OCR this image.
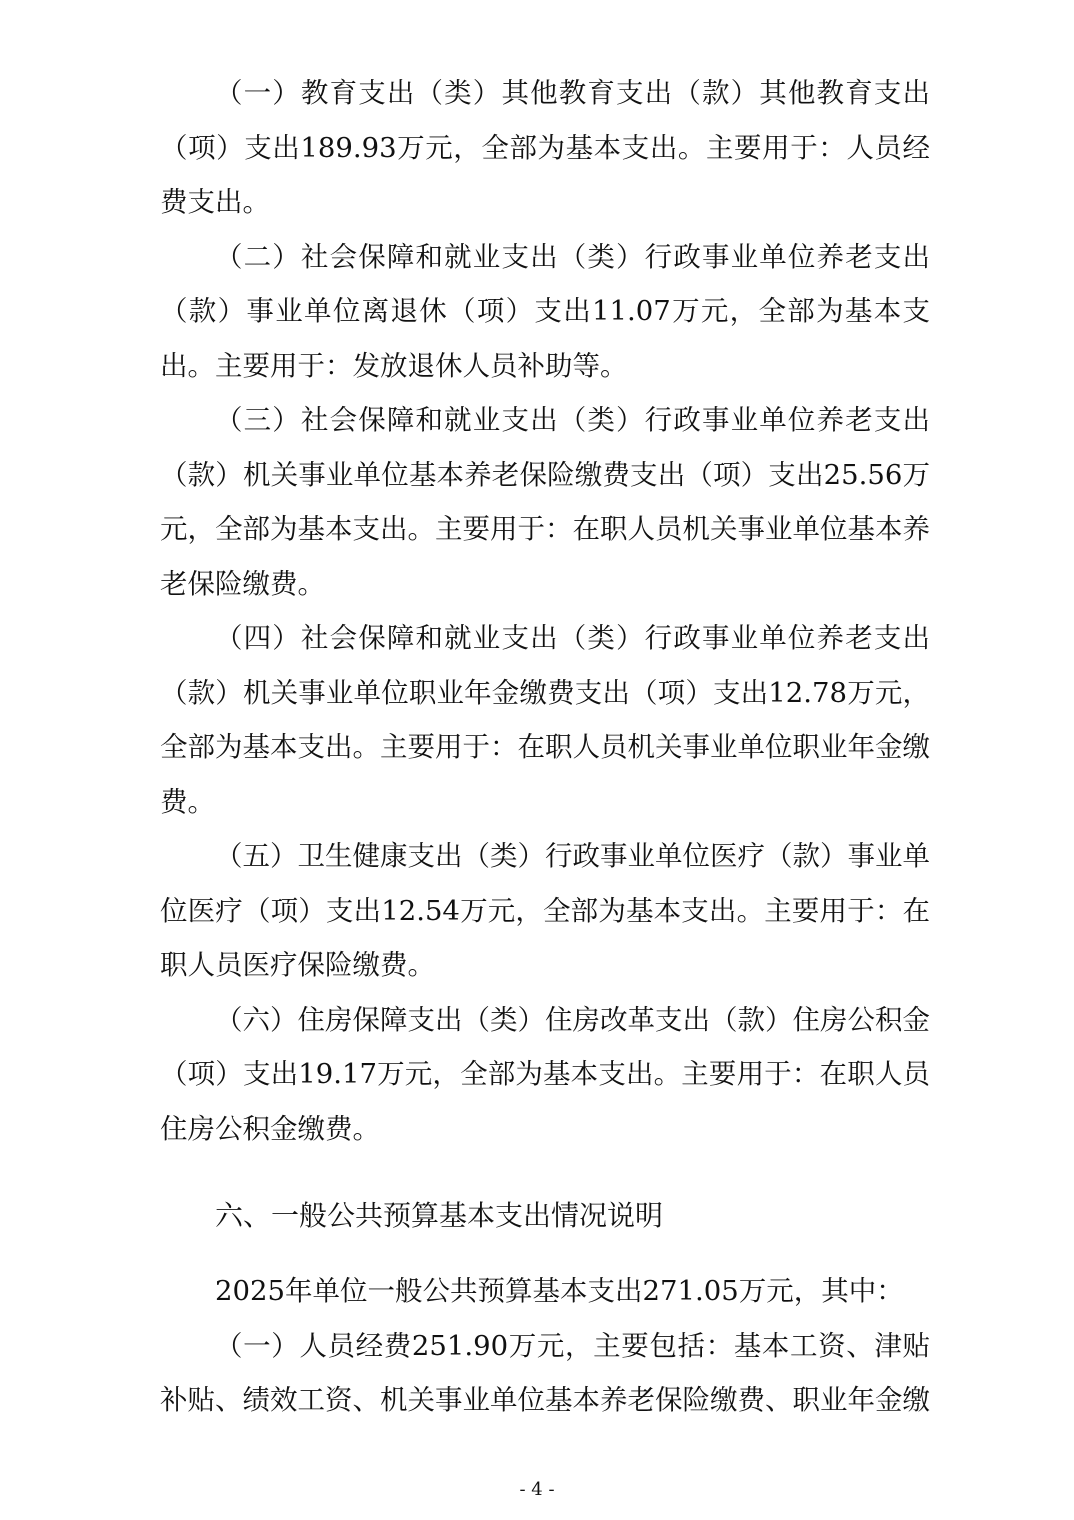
（一）教育支出（类）其他教育支出（款）其他教育支出（项）支出189.93万元，全部为基本支出。主要用于：人员经费支出。

（二）社会保障和就业支出（类）行政事业单位养老支出（款）事业单位离退休（项）支出11.07万元，全部为基本支出。主要用于：发放退休人员补助等。

（三）社会保障和就业支出（类）行政事业单位养老支出（款）机关事业单位基本养老保险缴费支出（项）支出25.56万元，全部为基本支出。主要用于：在职人员机关事业单位基本养老保险缴费。

（四）社会保障和就业支出（类）行政事业单位养老支出（款）机关事业单位职业年金缴费支出（项）支出12.78万元，全部为基本支出。主要用于：在职人员机关事业单位职业年金缴费。

（五）卫生健康支出（类）行政事业单位医疗（款）事业单位医疗（项）支出12.54万元，全部为基本支出。主要用于：在职人员医疗保险缴费。

（六）住房保障支出（类）住房改革支出（款）住房公积金（项）支出19.17万元，全部为基本支出。主要用于：在职人员住房公积金缴费。

六、一般公共预算基本支出情况说明

2025年单位一般公共预算基本支出271.05万元，其中：

（一）人员经费251.90万元，主要包括：基本工资、津贴补贴、绩效工资、机关事业单位基本养老保险缴费、职业年金缴

- 4 -
